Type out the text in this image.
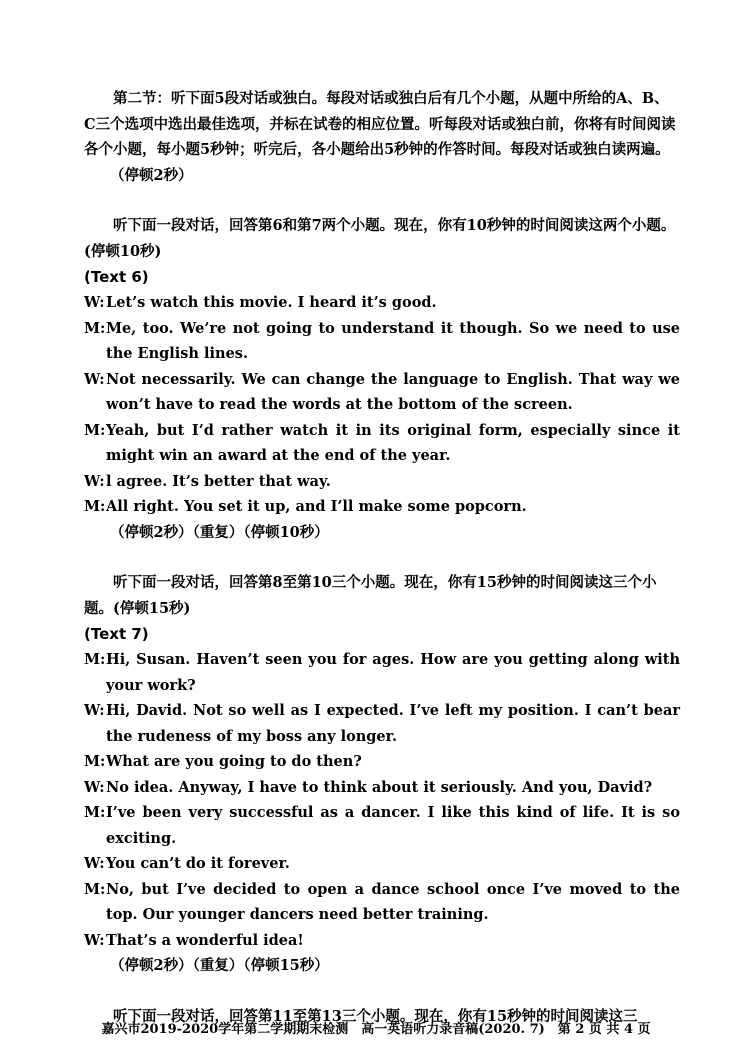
第二节：听下面5段对话或独白。每段对话或独白后有几个小题，从题中所给的A、B、C三个选项中选出最佳选项，并标在试卷的相应位置。听每段对话或独白前，你将有时间阅读各个小题，每小题5秒钟；听完后，各小题给出5秒钟的作答时间。每段对话或独白读两遍。

（停顿2秒）

听下面一段对话，回答第6和第7两个小题。现在，你有10秒钟的时间阅读这两个小题。(停顿10秒)

(Text 6)

W: Let’s watch this movie. I heard it’s good.
M: Me, too. We’re not going to understand it though. So we need to use the English lines.
W: Not necessarily. We can change the language to English. That way we won’t have to read the words at the bottom of the screen.
M: Yeah, but I’d rather watch it in its original form, especially since it might win an award at the end of the year.
W: l agree. It’s better that way.
M: All right. You set it up, and I’ll make some popcorn.

（停顿2秒）（重复）（停顿10秒）

听下面一段对话，回答第8至第10三个小题。现在，你有15秒钟的时间阅读这三个小题。(停顿15秒)

(Text 7)

M: Hi, Susan. Haven’t seen you for ages. How are you getting along with your work?
W: Hi, David. Not so well as I expected. I’ve left my position. I can’t bear the rudeness of my boss any longer.
M: What are you going to do then?
W: No idea. Anyway, I have to think about it seriously. And you, David?
M: I’ve been very successful as a dancer. I like this kind of life. It is so exciting.
W: You can’t do it forever.
M: No, but I’ve decided to open a dance school once I’ve moved to the top. Our younger dancers need better training.
W: That’s a wonderful idea!

（停顿2秒）（重复）（停顿15秒）

听下面一段对话，回答第11至第13三个小题。现在，你有15秒钟的时间阅读这三

嘉兴市2019-2020学年第二学期期末检测　高一英语听力录音稿(2020. 7)　第 2 页 共 4 页
